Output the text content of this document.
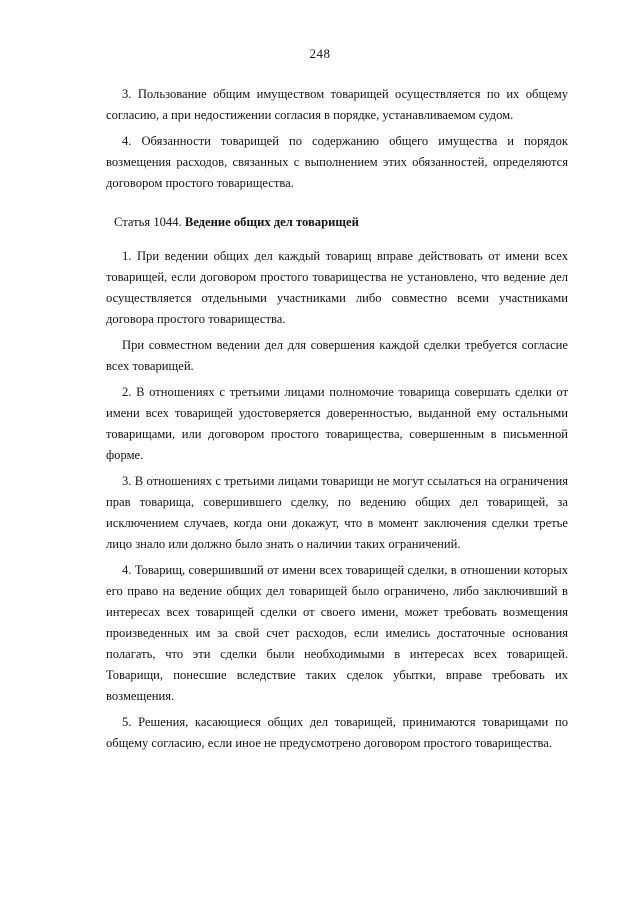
248

3. Пользование общим имуществом товарищей осуществляется по их общему согласию, а при недостижении согласия в порядке, устанавливаемом судом.

4. Обязанности товарищей по содержанию общего имущества и порядок возмещения расходов, связанных с выполнением этих обязанностей, определяются договором простого товарищества.

Статья 1044. Ведение общих дел товарищей

1. При ведении общих дел каждый товарищ вправе действовать от имени всех товарищей, если договором простого товарищества не установлено, что ведение дел осуществляется отдельными участниками либо совместно всеми участниками договора простого товарищества.

При совместном ведении дел для совершения каждой сделки требуется согласие всех товарищей.

2. В отношениях с третьими лицами полномочие товарища совершать сделки от имени всех товарищей удостоверяется доверенностью, выданной ему остальными товарищами, или договором простого товарищества, совершенным в письменной форме.

3. В отношениях с третьими лицами товарищи не могут ссылаться на ограничения прав товарища, совершившего сделку, по ведению общих дел товарищей, за исключением случаев, когда они докажут, что в момент заключения сделки третье лицо знало или должно было знать о наличии таких ограничений.

4. Товарищ, совершивший от имени всех товарищей сделки, в отношении которых его право на ведение общих дел товарищей было ограничено, либо заключивший в интересах всех товарищей сделки от своего имени, может требовать возмещения произведенных им за свой счет расходов, если имелись достаточные основания полагать, что эти сделки были необходимыми в интересах всех товарищей. Товарищи, понесшие вследствие таких сделок убытки, вправе требовать их возмещения.

5. Решения, касающиеся общих дел товарищей, принимаются товарищами по общему согласию, если иное не предусмотрено договором простого товарищества.
